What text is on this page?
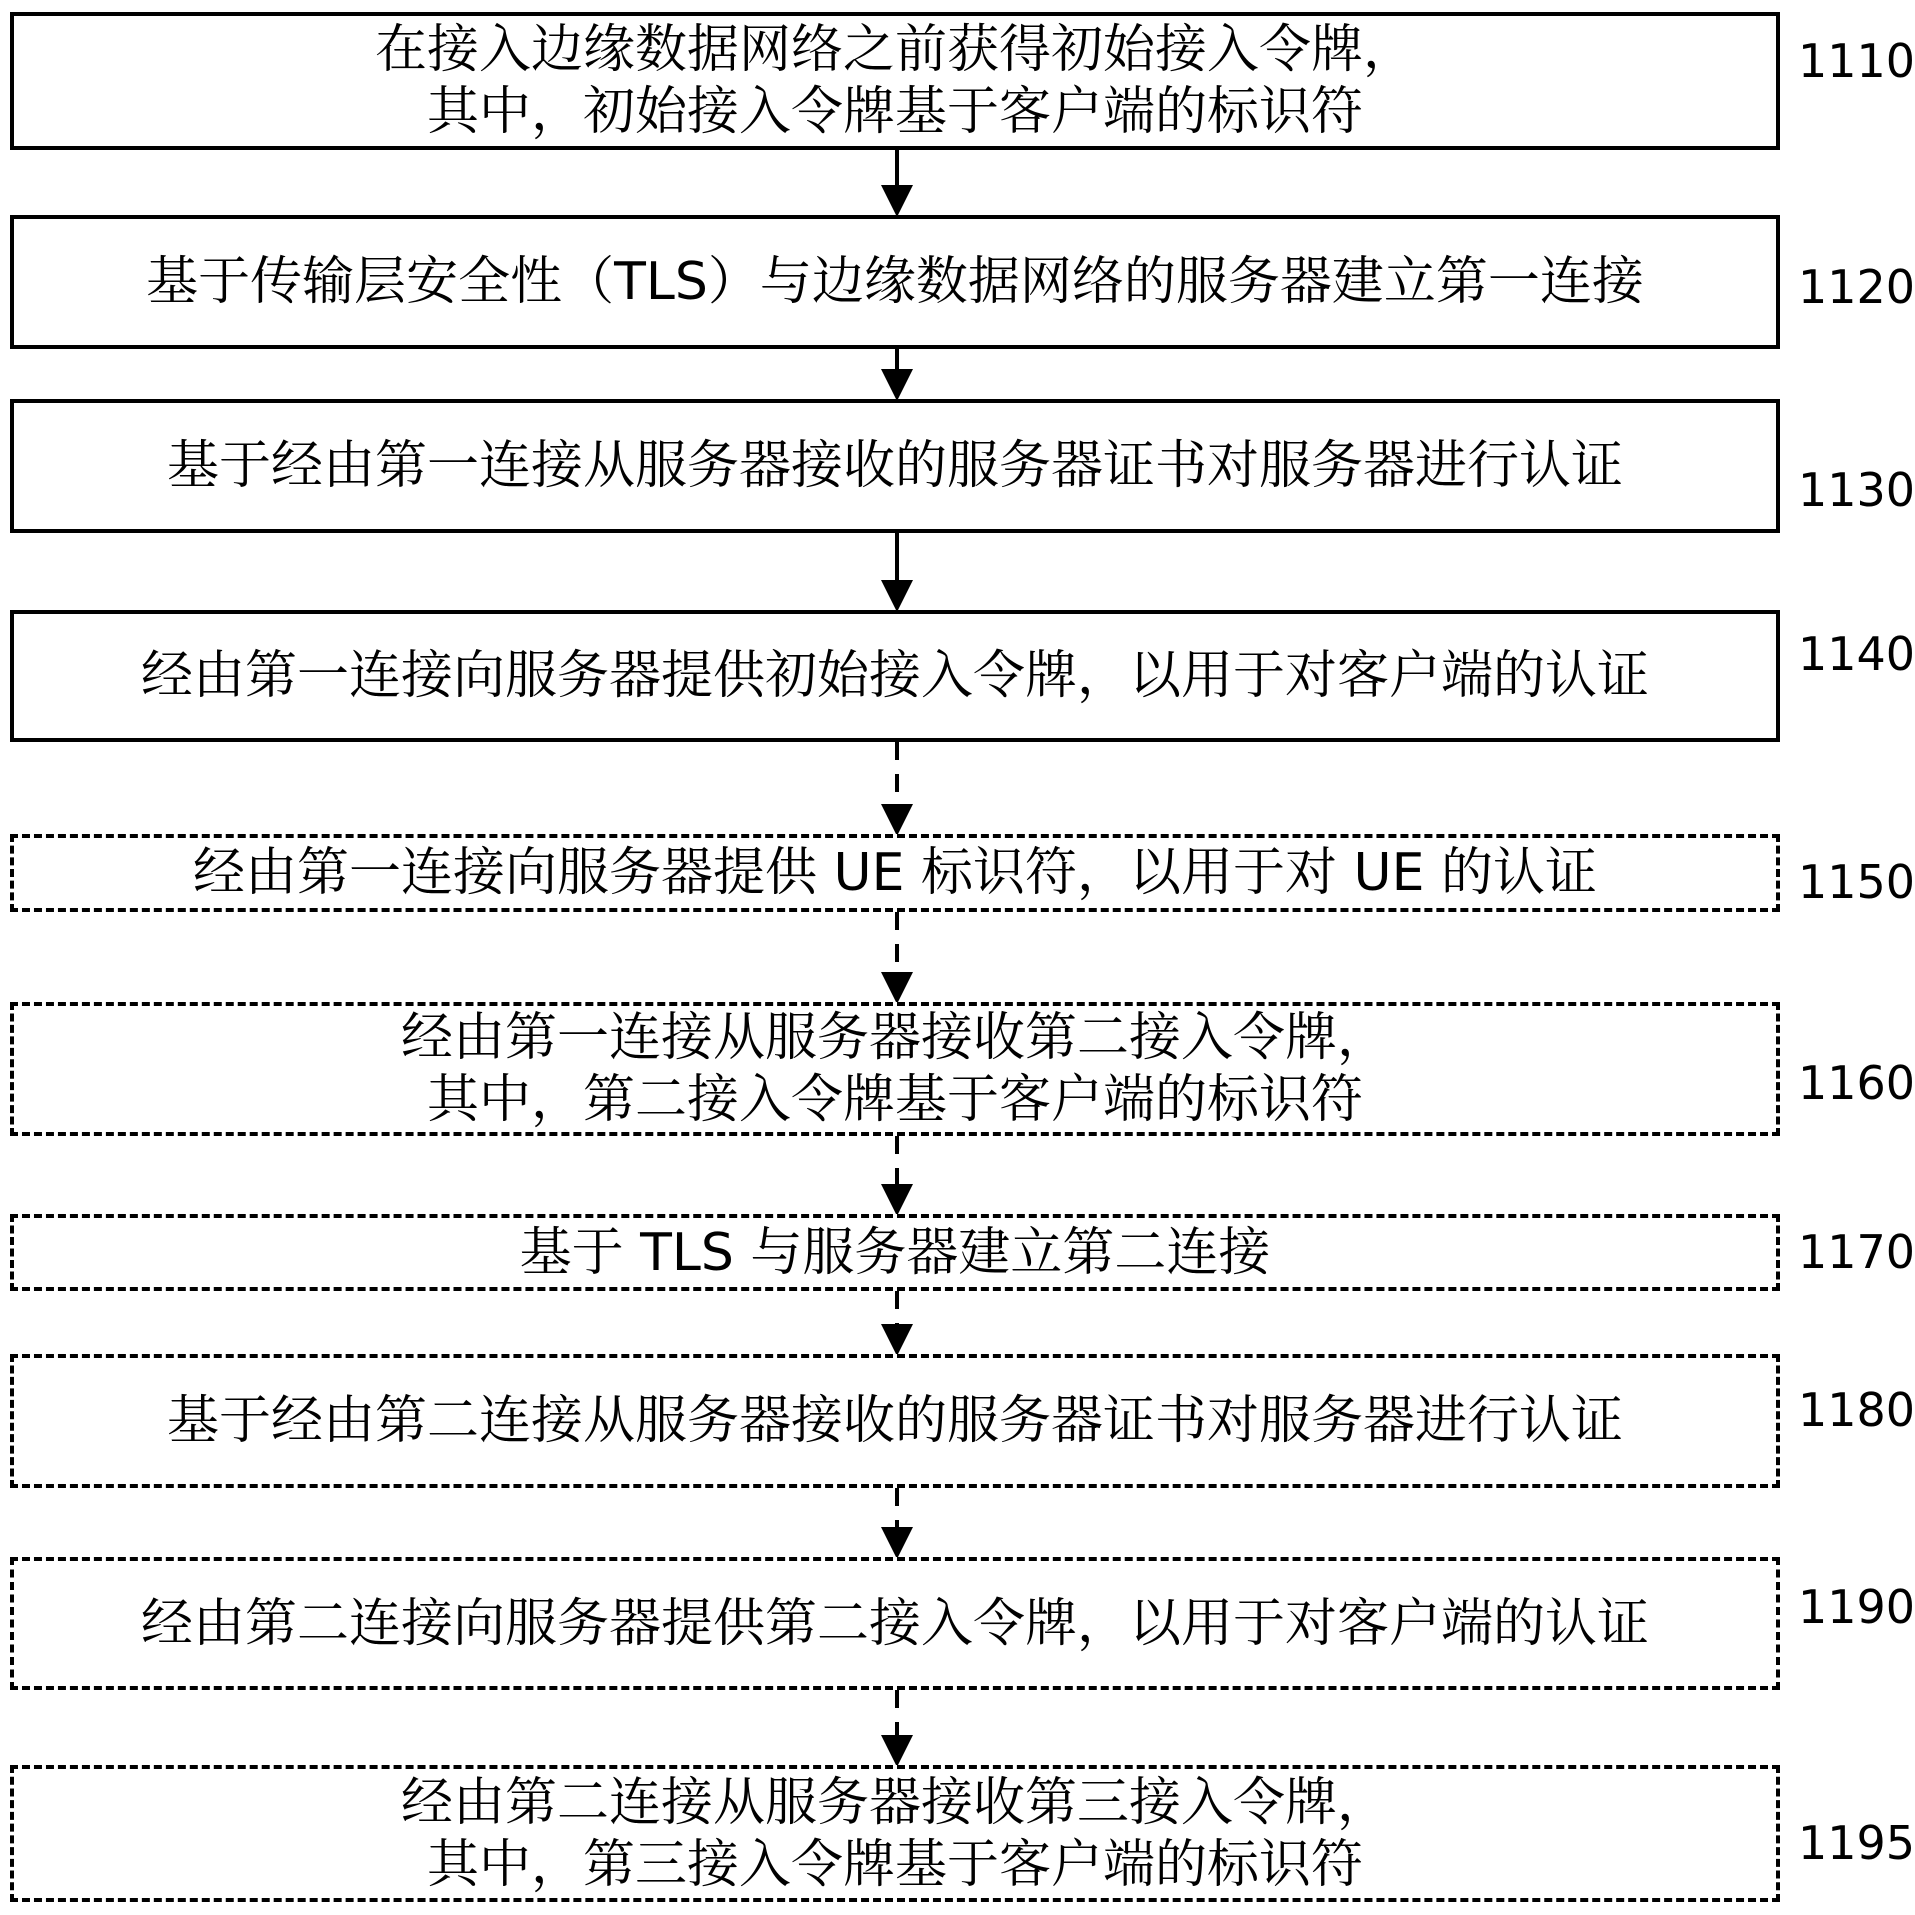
在接入边缘数据网络之前获得初始接入令牌，
其中，初始接入令牌基于客户端的标识符
1110
基于传输层安全性（TLS）与边缘数据网络的服务器建立第一连接	1120
基于经由第一连接从服务器接收的服务器证书对服务器进行认证	1130
经由第一连接向服务器提供初始接入令牌，以用于对客户端的认证	1140
经由第一连接向服务器提供 UE 标识符，以用于对 UE 的认证	1150
经由第一连接从服务器接收第二接入令牌，
其中，第二接入令牌基于客户端的标识符	1160
基于 TLS 与服务器建立第二连接	1170
基于经由第二连接从服务器接收的服务器证书对服务器进行认证	1180
经由第二连接向服务器提供第二接入令牌，以用于对客户端的认证	1190
经由第二连接从服务器接收第三接入令牌，
其中，第三接入令牌基于客户端的标识符	1195
